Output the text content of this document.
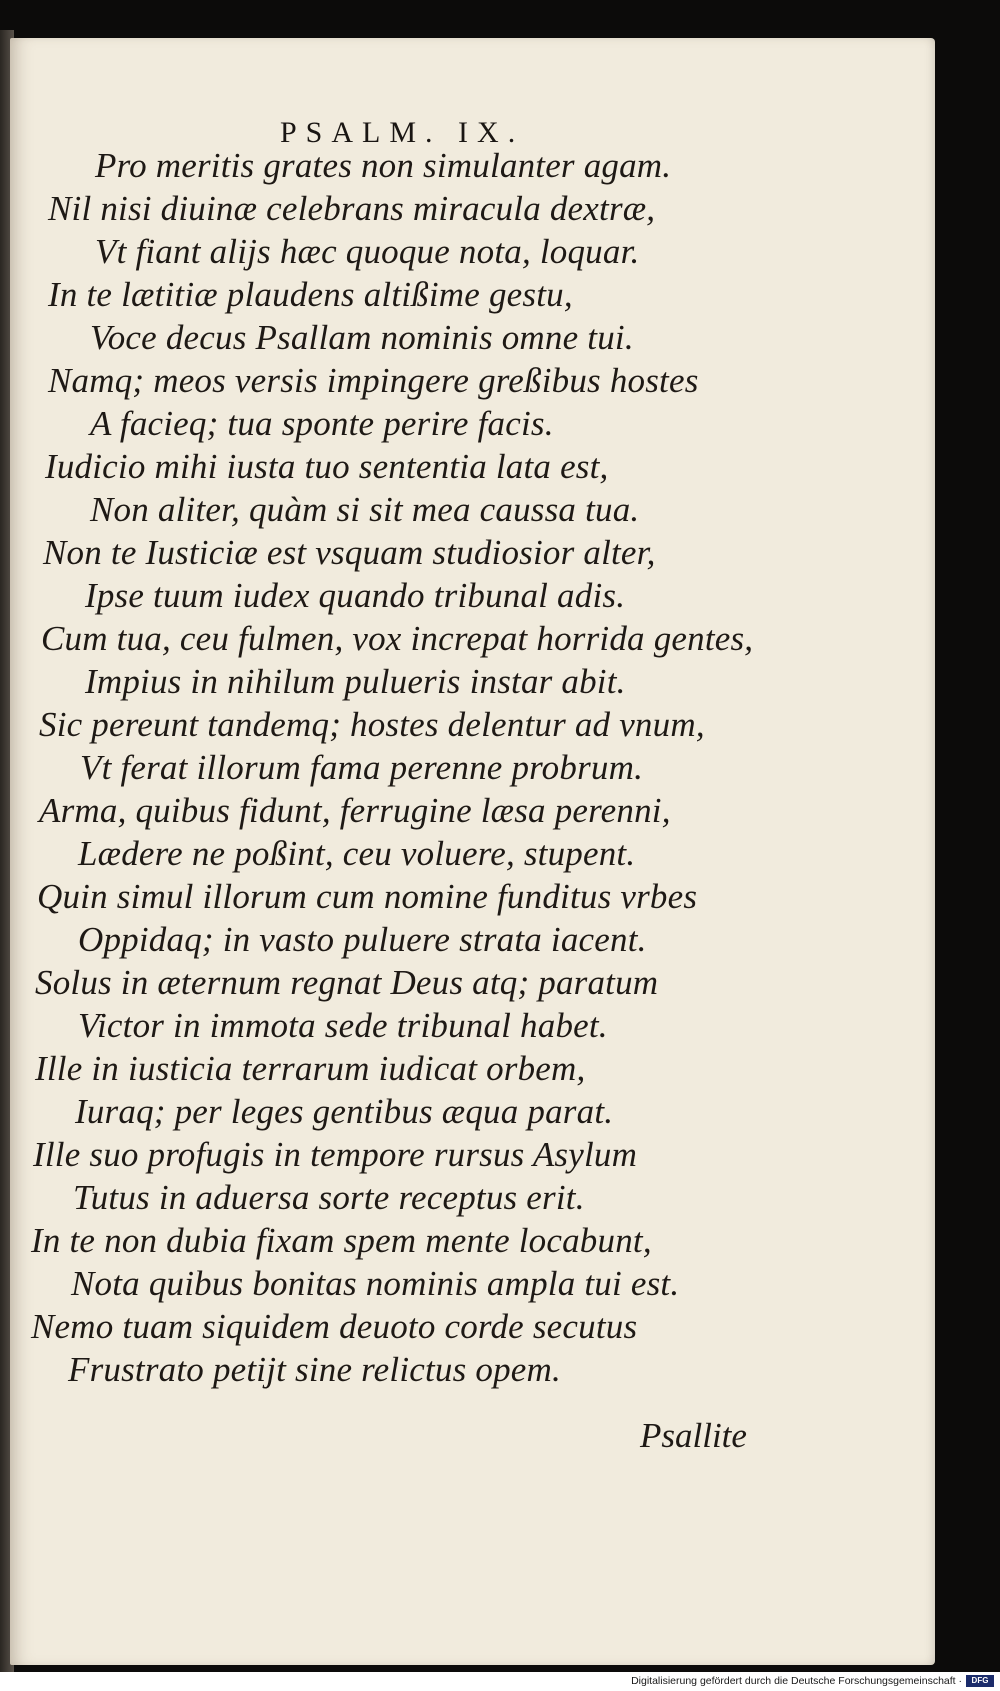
PSALM. IX.
Pro meritis grates non simulanter agam.
Nil nisi diuinæ celebrans miracula dextræ,
Vt fiant alijs hæc quoque nota, loquar.
In te lætitiæ plaudens altißime gestu,
Voce decus Psallam nominis omne tui.
Namq; meos versis impingere greßibus hostes
A facieq; tua sponte perire facis.
Iudicio mihi iusta tuo sententia lata est,
Non aliter, quàm si sit mea caussa tua.
Non te Iusticiæ est vsquam studiosior alter,
Ipse tuum iudex quando tribunal adis.
Cum tua, ceu fulmen, vox increpat horrida gentes,
Impius in nihilum pulueris instar abit.
Sic pereunt tandemq; hostes delentur ad vnum,
Vt ferat illorum fama perenne probrum.
Arma, quibus fidunt, ferrugine læsa perenni,
Lædere ne poßint, ceu voluere, stupent.
Quin simul illorum cum nomine funditus vrbes
Oppidaq; in vasto puluere strata iacent.
Solus in æternum regnat Deus atq; paratum
Victor in immota sede tribunal habet.
Ille in iusticia terrarum iudicat orbem,
Iuraq; per leges gentibus æqua parat.
Ille suo profugis in tempore rursus Asylum
Tutus in aduersa sorte receptus erit.
In te non dubia fixam spem mente locabunt,
Nota quibus bonitas nominis ampla tui est.
Nemo tuam siquidem deuoto corde secutus
Frustrato petijt sine relictus opem.
Psallite
Digitalisierung gefördert durch die Deutsche Forschungsgemeinschaft ·	DFG
